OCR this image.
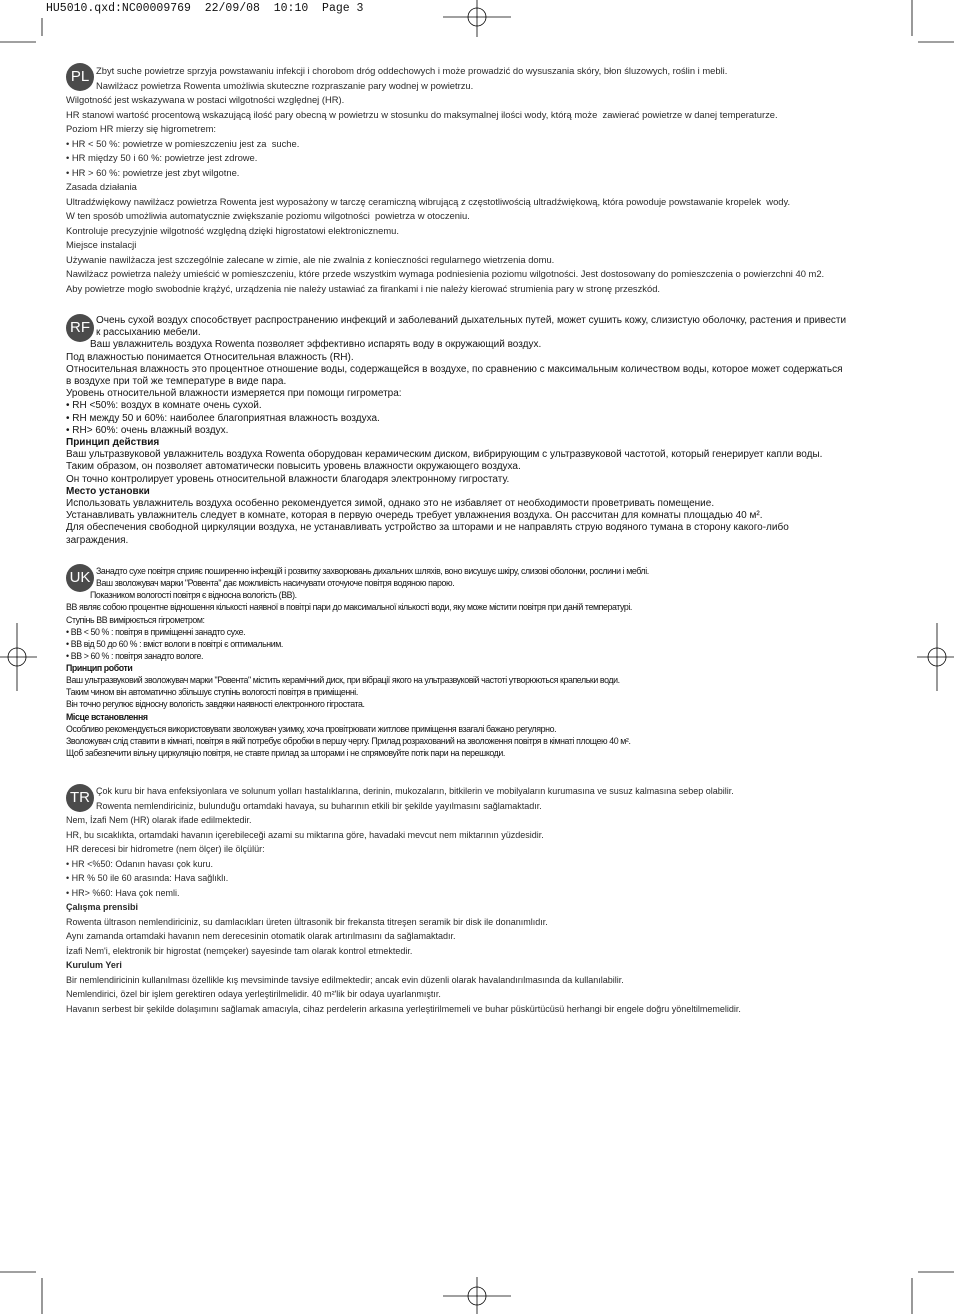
HU5010.qxd:NC00009769  22/09/08  10:10  Page 3
PL Zbyt suche powietrze sprzyja powstawaniu infekcji i chorobom dróg oddechowych i może prowadzić do wysuszania skóry, błon śluzowych, roślin i mebli.
Nawilżacz powietrza Rowenta umożliwia skuteczne rozpraszanie pary wodnej w powietrzu.
Wilgotność jest wskazywana w postaci wilgotności względnej (HR).
HR stanowi wartość procentową wskazującą ilość pary obecną w powietrzu w stosunku do maksymalnej ilości wody, którą może  zawierać powietrze w danej temperaturze.
Poziom HR mierzy się higrometrem:
• HR < 50 %: powietrze w pomieszczeniu jest za  suche.
• HR między 50 i 60 %: powietrze jest zdrowe.
• HR > 60 %: powietrze jest zbyt wilgotne.
Zasada działania
Ultradźwiękowy nawilżacz powietrza Rowenta jest wyposażony w tarczę ceramiczną wibrującą z częstotliwością ultradźwiękową, która powoduje powstawanie kropelek  wody.
W ten sposób umożliwia automatycznie zwiększanie poziomu wilgotności  powietrza w otoczeniu.
Kontroluje precyzyjnie wilgotność względną dzięki higrostatowi elektronicznemu.
Miejsce instalacji
Używanie nawilżacza jest szczególnie zalecane w zimie, ale nie zwalnia z konieczności regularnego wietrzenia domu.
Nawilżacz powietrza należy umieścić w pomieszczeniu, które przede wszystkim wymaga podniesienia poziomu wilgotności. Jest dostosowany do pomieszczenia o powierzchni 40 m2.
Aby powietrze mogło swobodnie krążyć, urządzenia nie należy ustawiać za firankami i nie należy kierować strumienia pary w stronę przeszkód.
RF Очень сухой воздух способствует распространению инфекций и заболеваний дыхательных путей, может сушить кожу, слизистую оболочку, растения и привести
к рассыханию мебели.
Ваш увлажнитель воздуха Rowenta позволяет эффективно испарять воду в окружающий воздух.
Под влажностью понимается Относительная влажность (RH).
Относительная влажность это процентное отношение воды, содержащейся в воздухе, по сравнению с максимальным количеством воды, которое может содержаться
в воздухе при той же температуре в виде пара.
Уровень относительной влажности измеряется при помощи гигрометра:
• RH <50%: воздух в комнате очень сухой.
• RH между 50 и 60%: наиболее благоприятная влажность воздуха.
• RH> 60%: очень влажный воздух.
Принцип действия
Ваш ультразвуковой увлажнитель воздуха Rowenta оборудован керамическим диском, вибрирующим с ультразвуковой частотой, который генерирует капли воды.
Таким образом, он позволяет автоматически повысить уровень влажности окружающего воздуха.
Он точно контролирует уровень относительной влажности благодаря электронному гигростату.
Место установки
Использовать увлажнитель воздуха особенно рекомендуется зимой, однако это не избавляет от необходимости проветривать помещение.
Устанавливать увлажнитель следует в комнате, которая в первую очередь требует увлажнения воздуха. Он рассчитан для комнаты площадью 40 м².
Для обеспечения свободной циркуляции воздуха, не устанавливать устройство за шторами и не направлять струю водяного тумана в сторону какого-либо
заграждения.
UK Занадто сухе повітря сприяє поширенню інфекцій і розвитку захворювань дихальних шляхів, воно висушує шкіру, слизові оболонки, рослини і меблі.
Ваш зволожувач марки "Ровента" дає можливість насичувати оточуюче повітря водяною парою.
Показником вологості повітря є відносна вологість (ВВ).
ВВ являє собою процентне відношення кількості наявної в повітрі пари до максимальної кількості води, яку може містити повітря при даній температурі.
Ступінь ВВ вимірюється гігрометром:
• ВВ < 50 % : повітря в приміщенні занадто сухе.
• ВВ від 50 до 60 % : вміст вологи в повітрі є оптимальним.
• ВВ > 60 % : повітря занадто вологе.
Принцип роботи
Ваш ультразвуковий зволожувач марки "Ровента" містить керамічний диск, при вібрації якого на ультразвуковій частоті утворюються крапельки води.
Таким чином він автоматично збільшує ступінь вологості повітря в приміщенні.
Він точно регулює відносну вологість завдяки наявності електронного гігростата.
Місце встановлення
Особливо рекомендується використовувати зволожувач узимку, хоча провітрювати житлове приміщення взагалі бажано регулярно.
Зволожувач слід ставити в кімнаті, повітря в якій потребує обробки в першу чергу. Прилад розрахований на зволоження повітря в кімнаті площею 40 м².
Щоб забезпечити вільну циркуляцію повітря, не ставте прилад за шторами і не спрямовуйте потік пари на перешкоди.
TR Çok kuru bir hava enfeksiyonlara ve solunum yolları hastalıklarına, derinin, mukozaların, bitkilerin ve mobilyaların kurumasına ve susuz kalmasına sebep olabilir.
Rowenta nemlendiriciniz, bulunduğu ortamdaki havaya, su buharının etkili bir şekilde yayılmasını sağlamaktadır.
Nem, İzafi Nem (HR) olarak ifade edilmektedir.
HR, bu sıcaklıkta, ortamdaki havanın içerebileceği azami su miktarına göre, havadaki mevcut nem miktarının yüzdesidir.
HR derecesi bir hidrometre (nem ölçer) ile ölçülür:
• HR <%50: Odanın havası çok kuru.
• HR % 50 ile 60 arasında: Hava sağlıklı.
• HR> %60: Hava çok nemli.
Çalışma prensibi
Rowenta ültrason nemlendiriciniz, su damlacıkları üreten ültrasonik bir frekansta titreşen seramik bir disk ile donanımlıdır.
Aynı zamanda ortamdaki havanın nem derecesinin otomatik olarak artırılmasını da sağlamaktadır.
İzafi Nem'i, elektronik bir higrostat (nemçeker) sayesinde tam olarak kontrol etmektedir.
Kurulum Yeri
Bir nemlendiricinin kullanılması özellikle kış mevsiminde tavsiye edilmektedir; ancak evin düzenli olarak havalandırılmasında da kullanılabilir.
Nemlendirici, özel bir işlem gerektiren odaya yerleştirilmelidir. 40 m²'lik bir odaya uyarlanmıştır.
Havanın serbest bir şekilde dolaşımını sağlamak amacıyla, cihaz perdelerin arkasına yerleştirilmemeli ve buhar püskürtücüsü herhangi bir engele doğru yöneltilmemelidir.
